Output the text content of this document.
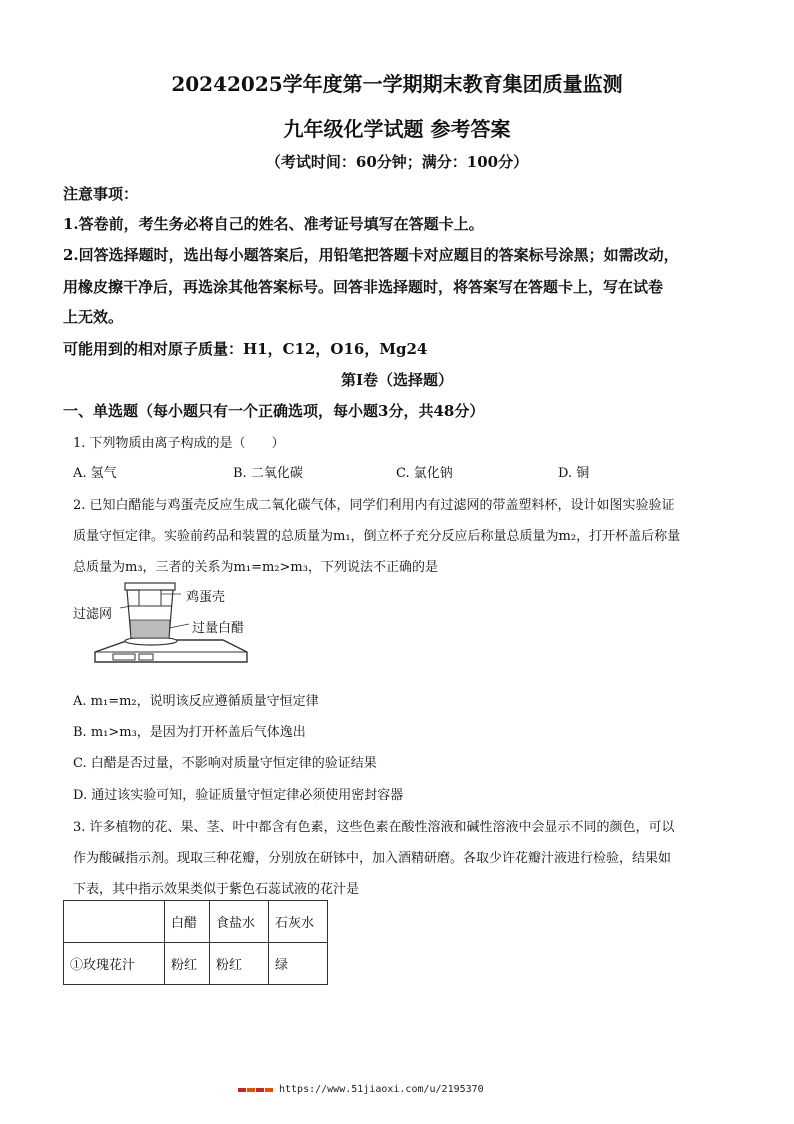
20242025学年度第一学期期末教育集团质量监测
九年级化学试题 参考答案
（考试时间：60分钟；满分：100分）
注意事项：
1.答卷前，考生务必将自己的姓名、准考证号填写在答题卡上。
2.回答选择题时，选出每小题答案后，用铅笔把答题卡对应题目的答案标号涂黑；如需改动，
用橡皮擦干净后，再选涂其他答案标号。回答非选择题时，将答案写在答题卡上，写在试卷
上无效。
可能用到的相对原子质量：H1，C12，O16，Mg24
第I卷（选择题）
一、单选题（每小题只有一个正确选项，每小题3分，共48分）
1. 下列物质由离子构成的是（　　）
A. 氢气	B. 二氧化碳	C. 氯化钠	D. 铜
2. 已知白醋能与鸡蛋壳反应生成二氧化碳气体，同学们利用内有过滤网的带盖塑料杯，设计如图实验验证
质量守恒定律。实验前药品和装置的总质量为m₁，倒立杯子充分反应后称量总质量为m₂，打开杯盖后称量
总质量为m₃，三者的关系为m₁=m₂>m₃，下列说法不正确的是
鸡蛋壳
过滤网
过量白醋
A. m₁=m₂，说明该反应遵循质量守恒定律
B. m₁>m₃，是因为打开杯盖后气体逸出
C. 白醋是否过量，不影响对质量守恒定律的验证结果
D. 通过该实验可知，验证质量守恒定律必须使用密封容器
3. 许多植物的花、果、茎、叶中都含有色素，这些色素在酸性溶液和碱性溶液中会显示不同的颜色，可以
作为酸碱指示剂。现取三种花瓣，分别放在研钵中，加入酒精研磨。各取少许花瓣汁液进行检验，结果如
下表，其中指示效果类似于紫色石蕊试液的花汁是
	白醋	食盐水	石灰水
①玫瑰花汁	粉红	粉红	绿
https://www.51jiaoxi.com/u/2195370
